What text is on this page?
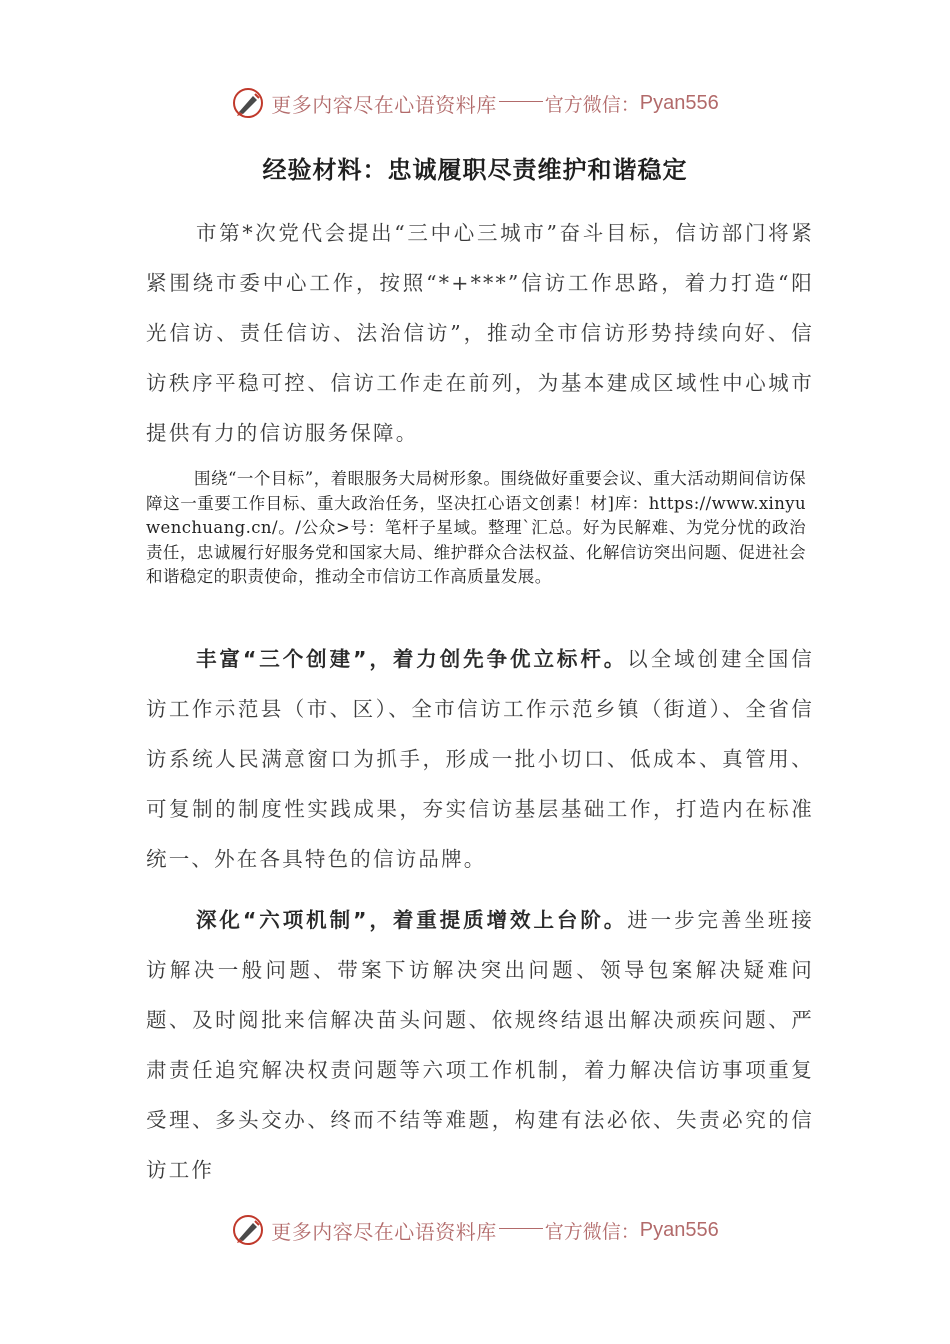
更多内容尽在心语资料库	官方微信： Pyan556
经验材料：忠诚履职尽责维护和谐稳定

市第*次党代会提出“三中心三城市”奋斗目标，信访部门将紧紧围绕市委中心工作，按照“*+***”信访工作思路，着力打造“阳光信访、责任信访、法治信访”，推动全市信访形势持续向好、信访秩序平稳可控、信访工作走在前列，为基本建成区域性中心城市提供有力的信访服务保障。

围绕“一个目标”，着眼服务大局树形象。围绕做好重要会议、重大活动期间信访保障这一重要工作目标、重大政治任务，坚决扛心语文创素！材]库：https://www.xinyuwenchuang.cn/。/公众>号：笔杆子星域。整理`汇总。好为民解难、为党分忧的政治责任，忠诚履行好服务党和国家大局、维护群众合法权益、化解信访突出问题、促进社会和谐稳定的职责使命，推动全市信访工作高质量发展。

丰富“三个创建”，着力创先争优立标杆。以全域创建全国信访工作示范县（市、区）、全市信访工作示范乡镇（街道）、全省信访系统人民满意窗口为抓手，形成一批小切口、低成本、真管用、可复制的制度性实践成果，夯实信访基层基础工作，打造内在标准统一、外在各具特色的信访品牌。

深化“六项机制”，着重提质增效上台阶。进一步完善坐班接访解决一般问题、带案下访解决突出问题、领导包案解决疑难问题、及时阅批来信解决苗头问题、依规终结退出解决顽疾问题、严肃责任追究解决权责问题等六项工作机制，着力解决信访事项重复受理、多头交办、终而不结等难题，构建有法必依、失责必究的信访工作

更多内容尽在心语资料库	官方微信： Pyan556
